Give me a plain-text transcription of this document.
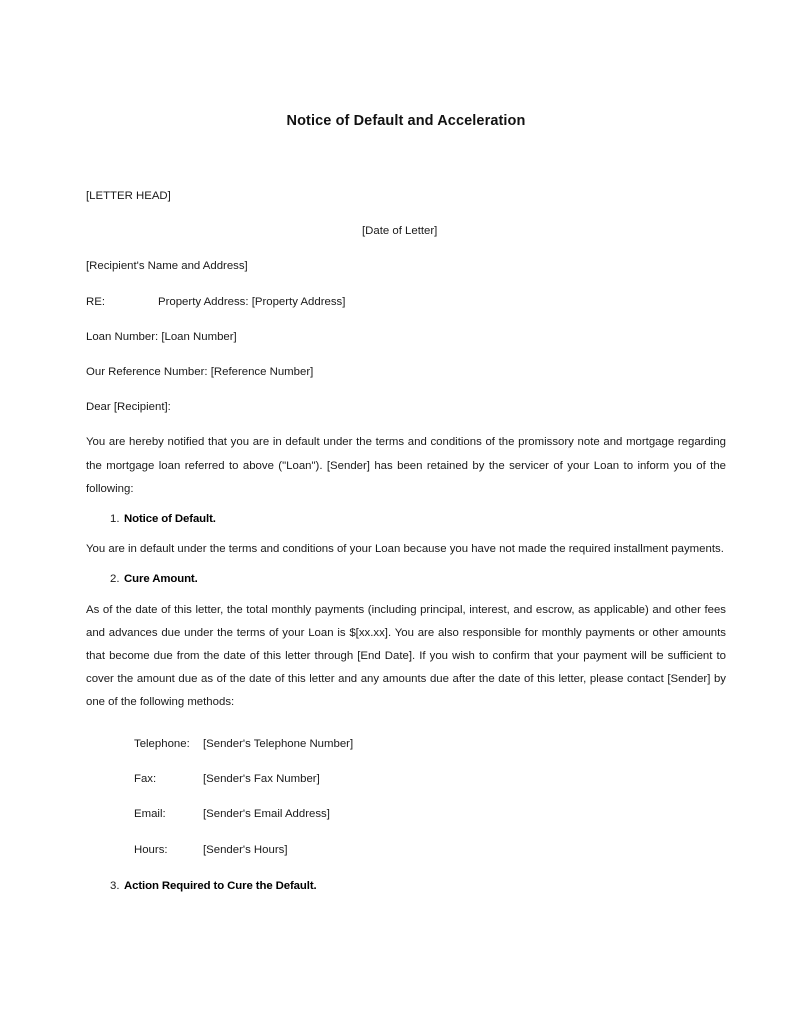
Notice of Default and Acceleration
[LETTER HEAD]
[Date of Letter]
[Recipient's Name and Address]
RE:	Property Address: [Property Address]
Loan Number: [Loan Number]
Our Reference Number: [Reference Number]
Dear [Recipient]:
You are hereby notified that you are in default under the terms and conditions of the promissory note and mortgage regarding the mortgage loan referred to above ("Loan"). [Sender] has been retained by the servicer of your Loan to inform you of the following:
1. Notice of Default.
You are in default under the terms and conditions of your Loan because you have not made the required installment payments.
2. Cure Amount.
As of the date of this letter, the total monthly payments (including principal, interest, and escrow, as applicable) and other fees and advances due under the terms of your Loan is $[xx.xx]. You are also responsible for monthly payments or other amounts that become due from the date of this letter through [End Date]. If you wish to confirm that your payment will be sufficient to cover the amount due as of the date of this letter and any amounts due after the date of this letter, please contact [Sender] by one of the following methods:
Telephone:	[Sender's Telephone Number]
Fax:	[Sender's Fax Number]
Email:	[Sender's Email Address]
Hours:	[Sender's Hours]
3. Action Required to Cure the Default.
